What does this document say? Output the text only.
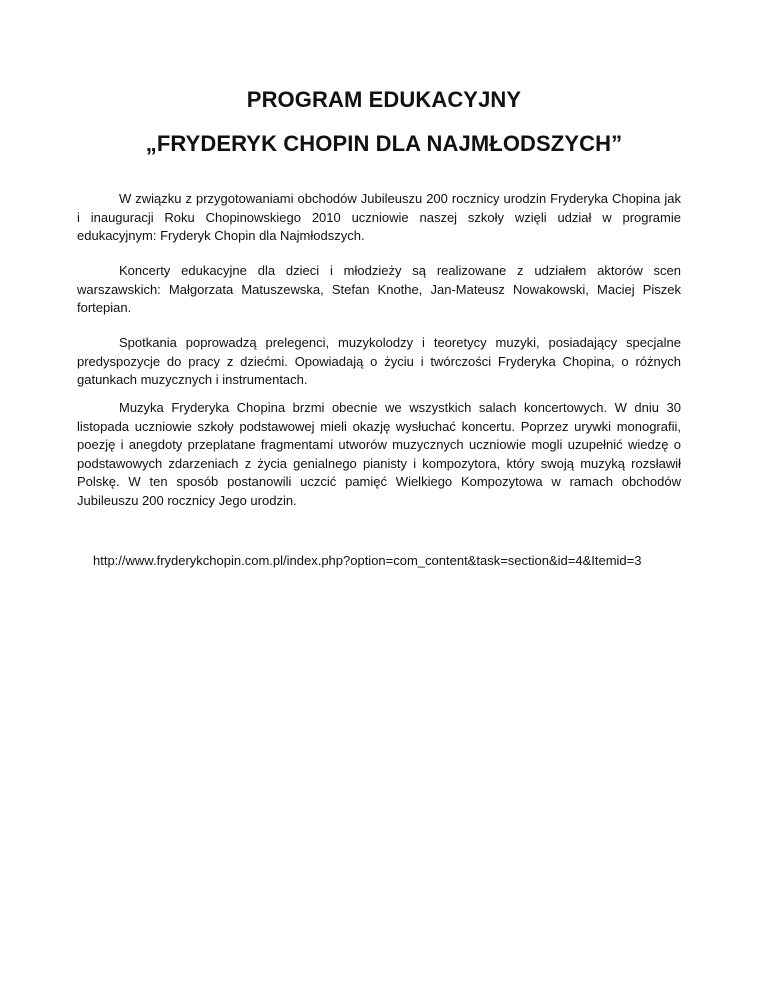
PROGRAM EDUKACYJNY
„FRYDERYK CHOPIN DLA NAJMŁODSZYCH”

W związku z przygotowaniami obchodów Jubileuszu 200 rocznicy urodzin Fryderyka Chopina jak i inauguracji Roku Chopinowskiego 2010 uczniowie naszej szkoły wzięli udział w programie edukacyjnym: Fryderyk Chopin dla Najmłodszych.

Koncerty edukacyjne dla dzieci i młodzieży są realizowane z udziałem aktorów scen warszawskich: Małgorzata Matuszewska, Stefan Knothe, Jan-Mateusz Nowakowski, Maciej Piszek fortepian.

Spotkania poprowadzą prelegenci, muzykolodzy i teoretycy muzyki, posiadający specjalne predyspozycje do pracy z dziećmi. Opowiadają o życiu i twórczości Fryderyka Chopina, o różnych gatunkach muzycznych i instrumentach.

Muzyka Fryderyka Chopina brzmi obecnie we wszystkich salach koncertowych. W dniu 30 listopada uczniowie szkoły podstawowej mieli okazję wysłuchać koncertu. Poprzez urywki monografii, poezję i anegdoty przeplatane fragmentami utworów muzycznych uczniowie mogli uzupełnić wiedzę o podstawowych zdarzeniach z życia genialnego pianisty i kompozytora, który swoją muzyką rozsławił Polskę. W ten sposób postanowili uczcić pamięć Wielkiego Kompozytowa w ramach obchodów Jubileuszu 200 rocznicy Jego urodzin.

http://www.fryderykchopin.com.pl/index.php?option=com_content&task=section&id=4&Itemid=3
